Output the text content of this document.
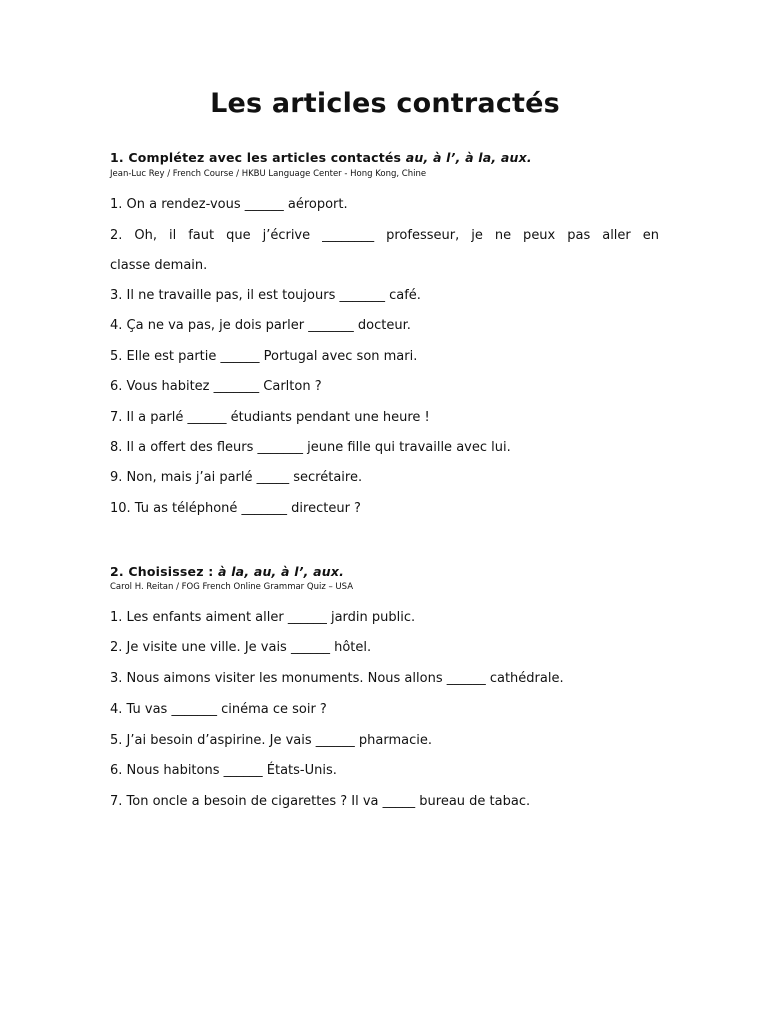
Les articles contractés
1. Complétez avec les articles contactés au, à l’, à la, aux.
Jean-Luc Rey / French Course / HKBU Language Center - Hong Kong, Chine
1. On a rendez-vous ______ aéroport.
2. Oh, il faut que j’écrive ________ professeur, je ne peux pas aller en
classe demain.
3. Il ne travaille pas, il est toujours _______ café.
4. Ça ne va pas, je dois parler _______ docteur.
5. Elle est partie ______ Portugal avec son mari.
6. Vous habitez _______ Carlton ?
7. Il a parlé ______ étudiants pendant une heure !
8. Il a offert des fleurs _______ jeune fille qui travaille avec lui.
9. Non, mais j’ai parlé _____ secrétaire.
10. Tu as téléphoné _______ directeur ?
2. Choisissez : à la, au, à l’, aux.
Carol H. Reitan / FOG French Online Grammar Quiz – USA
1. Les enfants aiment aller ______ jardin public.
2. Je visite une ville. Je vais ______ hôtel.
3. Nous aimons visiter les monuments. Nous allons ______ cathédrale.
4. Tu vas _______ cinéma ce soir ?
5. J’ai besoin d’aspirine. Je vais ______ pharmacie.
6. Nous habitons ______ États-Unis.
7. Ton oncle a besoin de cigarettes ? Il va _____ bureau de tabac.
